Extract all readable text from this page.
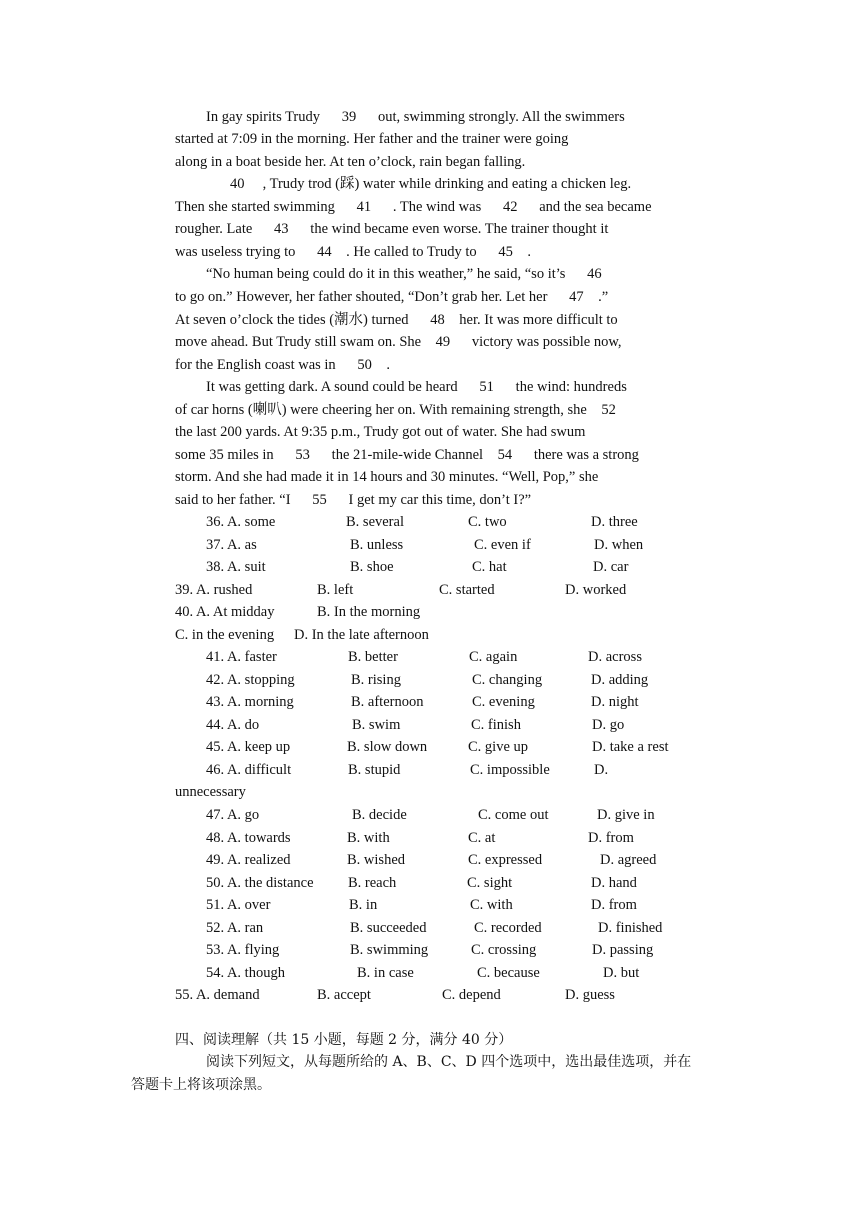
In gay spirits Trudy      39      out, swimming strongly. All the swimmers
started at 7:09 in the morning. Her father and the trainer were going
along in a boat beside her. At ten o’clock, rain began falling.
40     , Trudy trod (踩) water while drinking and eating a chicken leg.
Then she started swimming      41      . The wind was      42      and the sea became
rougher. Late      43      the wind became even worse. The trainer thought it
was useless trying to      44    . He called to Trudy to      45    .
“No human being could do it in this weather,” he said, “so it’s      46
to go on.” However, her father shouted, “Don’t grab her. Let her      47    .”
At seven o’clock the tides (潮水) turned      48    her. It was more difficult to
move ahead. But Trudy still swam on. She    49      victory was possible now,
for the English coast was in      50    .
It was getting dark. A sound could be heard      51      the wind: hundreds
of car horns (喇叭) were cheering her on. With remaining strength, she    52
the last 200 yards. At 9:35 p.m., Trudy got out of water. She had swum
some 35 miles in      53      the 21-mile-wide Channel    54      there was a strong
storm. And she had made it in 14 hours and 30 minutes. “Well, Pop,” she
said to her father. “I      55      I get my car this time, don’t I?”
36. A. some	B. several	C. two	D. three
37. A. as	B. unless	C. even if	D. when
38. A. suit	B. shoe	C. hat	D. car
39. A. rushed	B. left	C. started	D. worked
40. A. At midday	B. In the morning
C. in the evening D. In the late afternoon
41. A. faster	B. better	C. again	D. across
42. A. stopping	B. rising	C. changing	D. adding
43. A. morning	B. afternoon	C. evening	D. night
44. A. do	B. swim	C. finish	D. go
45. A. keep up	B. slow down	C. give up	D. take a rest
46. A. difficult	B. stupid	C. impossible	D.
unnecessary
47. A. go	B. decide	C. come out	D. give in
48. A. towards	B. with	C. at	D. from
49. A. realized	B. wished	C. expressed	D. agreed
50. A. the distance B. reach	C. sight	D. hand
51. A. over	B. in	C. with	D. from
52. A. ran	B. succeeded	C. recorded	D. finished
53. A. flying	B. swimming	C. crossing	D. passing
54. A. though	B. in case	C. because	D. but
55. A. demand	B. accept	C. depend	D. guess
四、阅读理解（共 15 小题，每题 2 分，满分 40 分）
阅读下列短文，从每题所给的 A、B、C、D 四个选项中，选出最佳选项，并在
答题卡上将该项涂黑。
